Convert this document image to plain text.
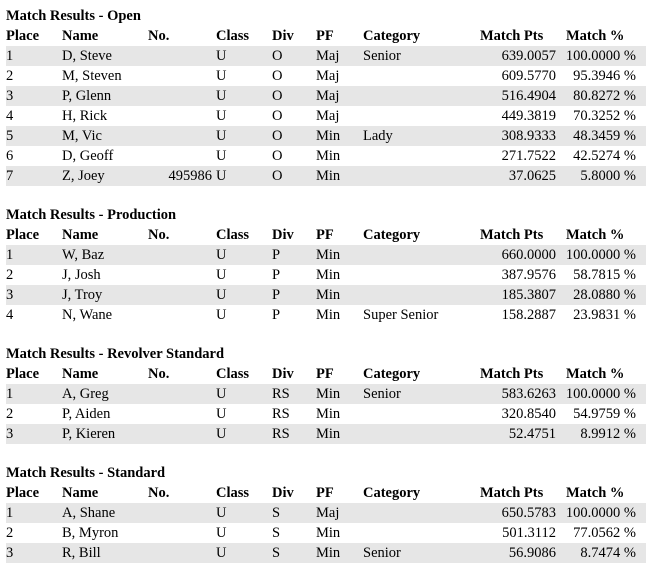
Match Results - Open
Place	Name	No.	Class	Div	PF	Category	Match Pts	Match %
1	D, Steve		U	O	Maj	Senior	639.0057	100.0000 %
2	M, Steven		U	O	Maj		609.5770	95.3946 %
3	P, Glenn		U	O	Maj		516.4904	80.8272 %
4	H, Rick		U	O	Maj		449.3819	70.3252 %
5	M, Vic		U	O	Min	Lady	308.9333	48.3459 %
6	D, Geoff		U	O	Min		271.7522	42.5274 %
7	Z, Joey	495986	U	O	Min		37.0625	5.8000 %
Match Results - Production
Place	Name	No.	Class	Div	PF	Category	Match Pts	Match %
1	W, Baz		U	P	Min		660.0000	100.0000 %
2	J, Josh		U	P	Min		387.9576	58.7815 %
3	J, Troy		U	P	Min		185.3807	28.0880 %
4	N, Wane		U	P	Min	Super Senior	158.2887	23.9831 %
Match Results - Revolver Standard
Place	Name	No.	Class	Div	PF	Category	Match Pts	Match %
1	A, Greg		U	RS	Min	Senior	583.6263	100.0000 %
2	P, Aiden		U	RS	Min		320.8540	54.9759 %
3	P, Kieren		U	RS	Min		52.4751	8.9912 %
Match Results - Standard
Place	Name	No.	Class	Div	PF	Category	Match Pts	Match %
1	A, Shane		U	S	Maj		650.5783	100.0000 %
2	B, Myron		U	S	Min		501.3112	77.0562 %
3	R, Bill		U	S	Min	Senior	56.9086	8.7474 %
